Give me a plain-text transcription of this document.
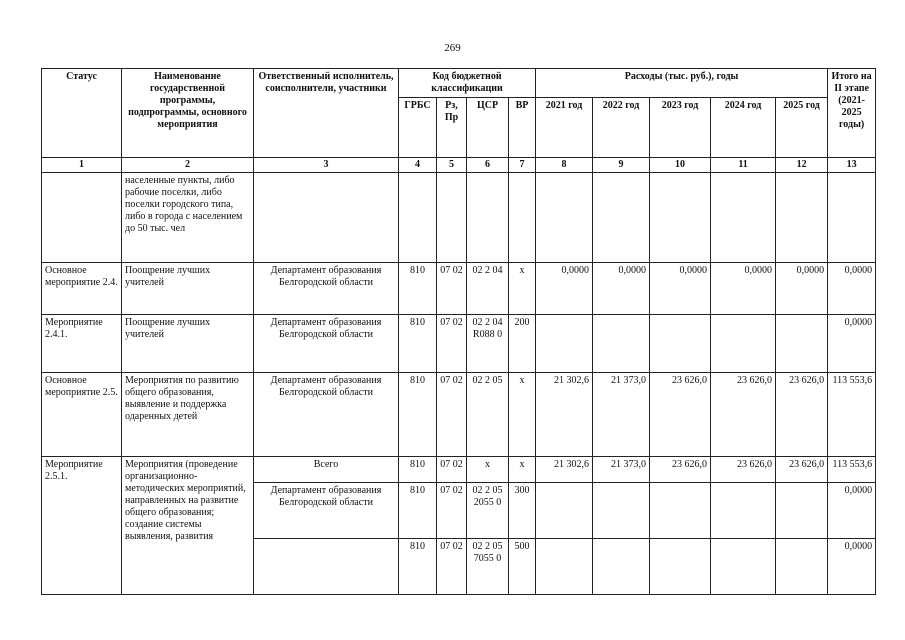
269
Статус	Наименование государственной программы, подпрограммы, основного мероприятия	Ответственный исполнитель, соисполнители, участники	Код бюджетной классификации				Расходы (тыс. руб.), годы					Итого на II этапе (2021-2025 годы)
			ГРБС	Рз, Пр	ЦСР	ВР	2021 год	2022 год	2023 год	2024 год	2025 год	
1	2	3	4	5	6	7	8	9	10	11	12	13
	населенные пункты, либо рабочие поселки, либо поселки городского типа, либо в города с населением до 50 тыс. чел											
Основное мероприятие 2.4.	Поощрение лучших учителей	Департамент образования Белгородской области	810	07 02	02 2 04	х	0,0000	0,0000	0,0000	0,0000	0,0000	0,0000
Мероприятие 2.4.1.	Поощрение лучших учителей	Департамент образования Белгородской области	810	07 02	02 2 04 R088 0	200						0,0000
Основное мероприятие 2.5.	Мероприятия по развитию общего образования, выявление и поддержка одаренных детей	Департамент образования Белгородской области	810	07 02	02 2 05	х	21 302,6	21 373,0	23 626,0	23 626,0	23 626,0	113 553,6
Мероприятие 2.5.1.	Мероприятия (проведение организационно-методических мероприятий, направленных на развитие общего образования; создание системы выявления, развития	Всего	810	07 02	х	х	21 302,6	21 373,0	23 626,0	23 626,0	23 626,0	113 553,6
		Департамент образования Белгородской области	810	07 02	02 2 05 2055 0	300						0,0000
			810	07 02	02 2 05 7055 0	500						0,0000
